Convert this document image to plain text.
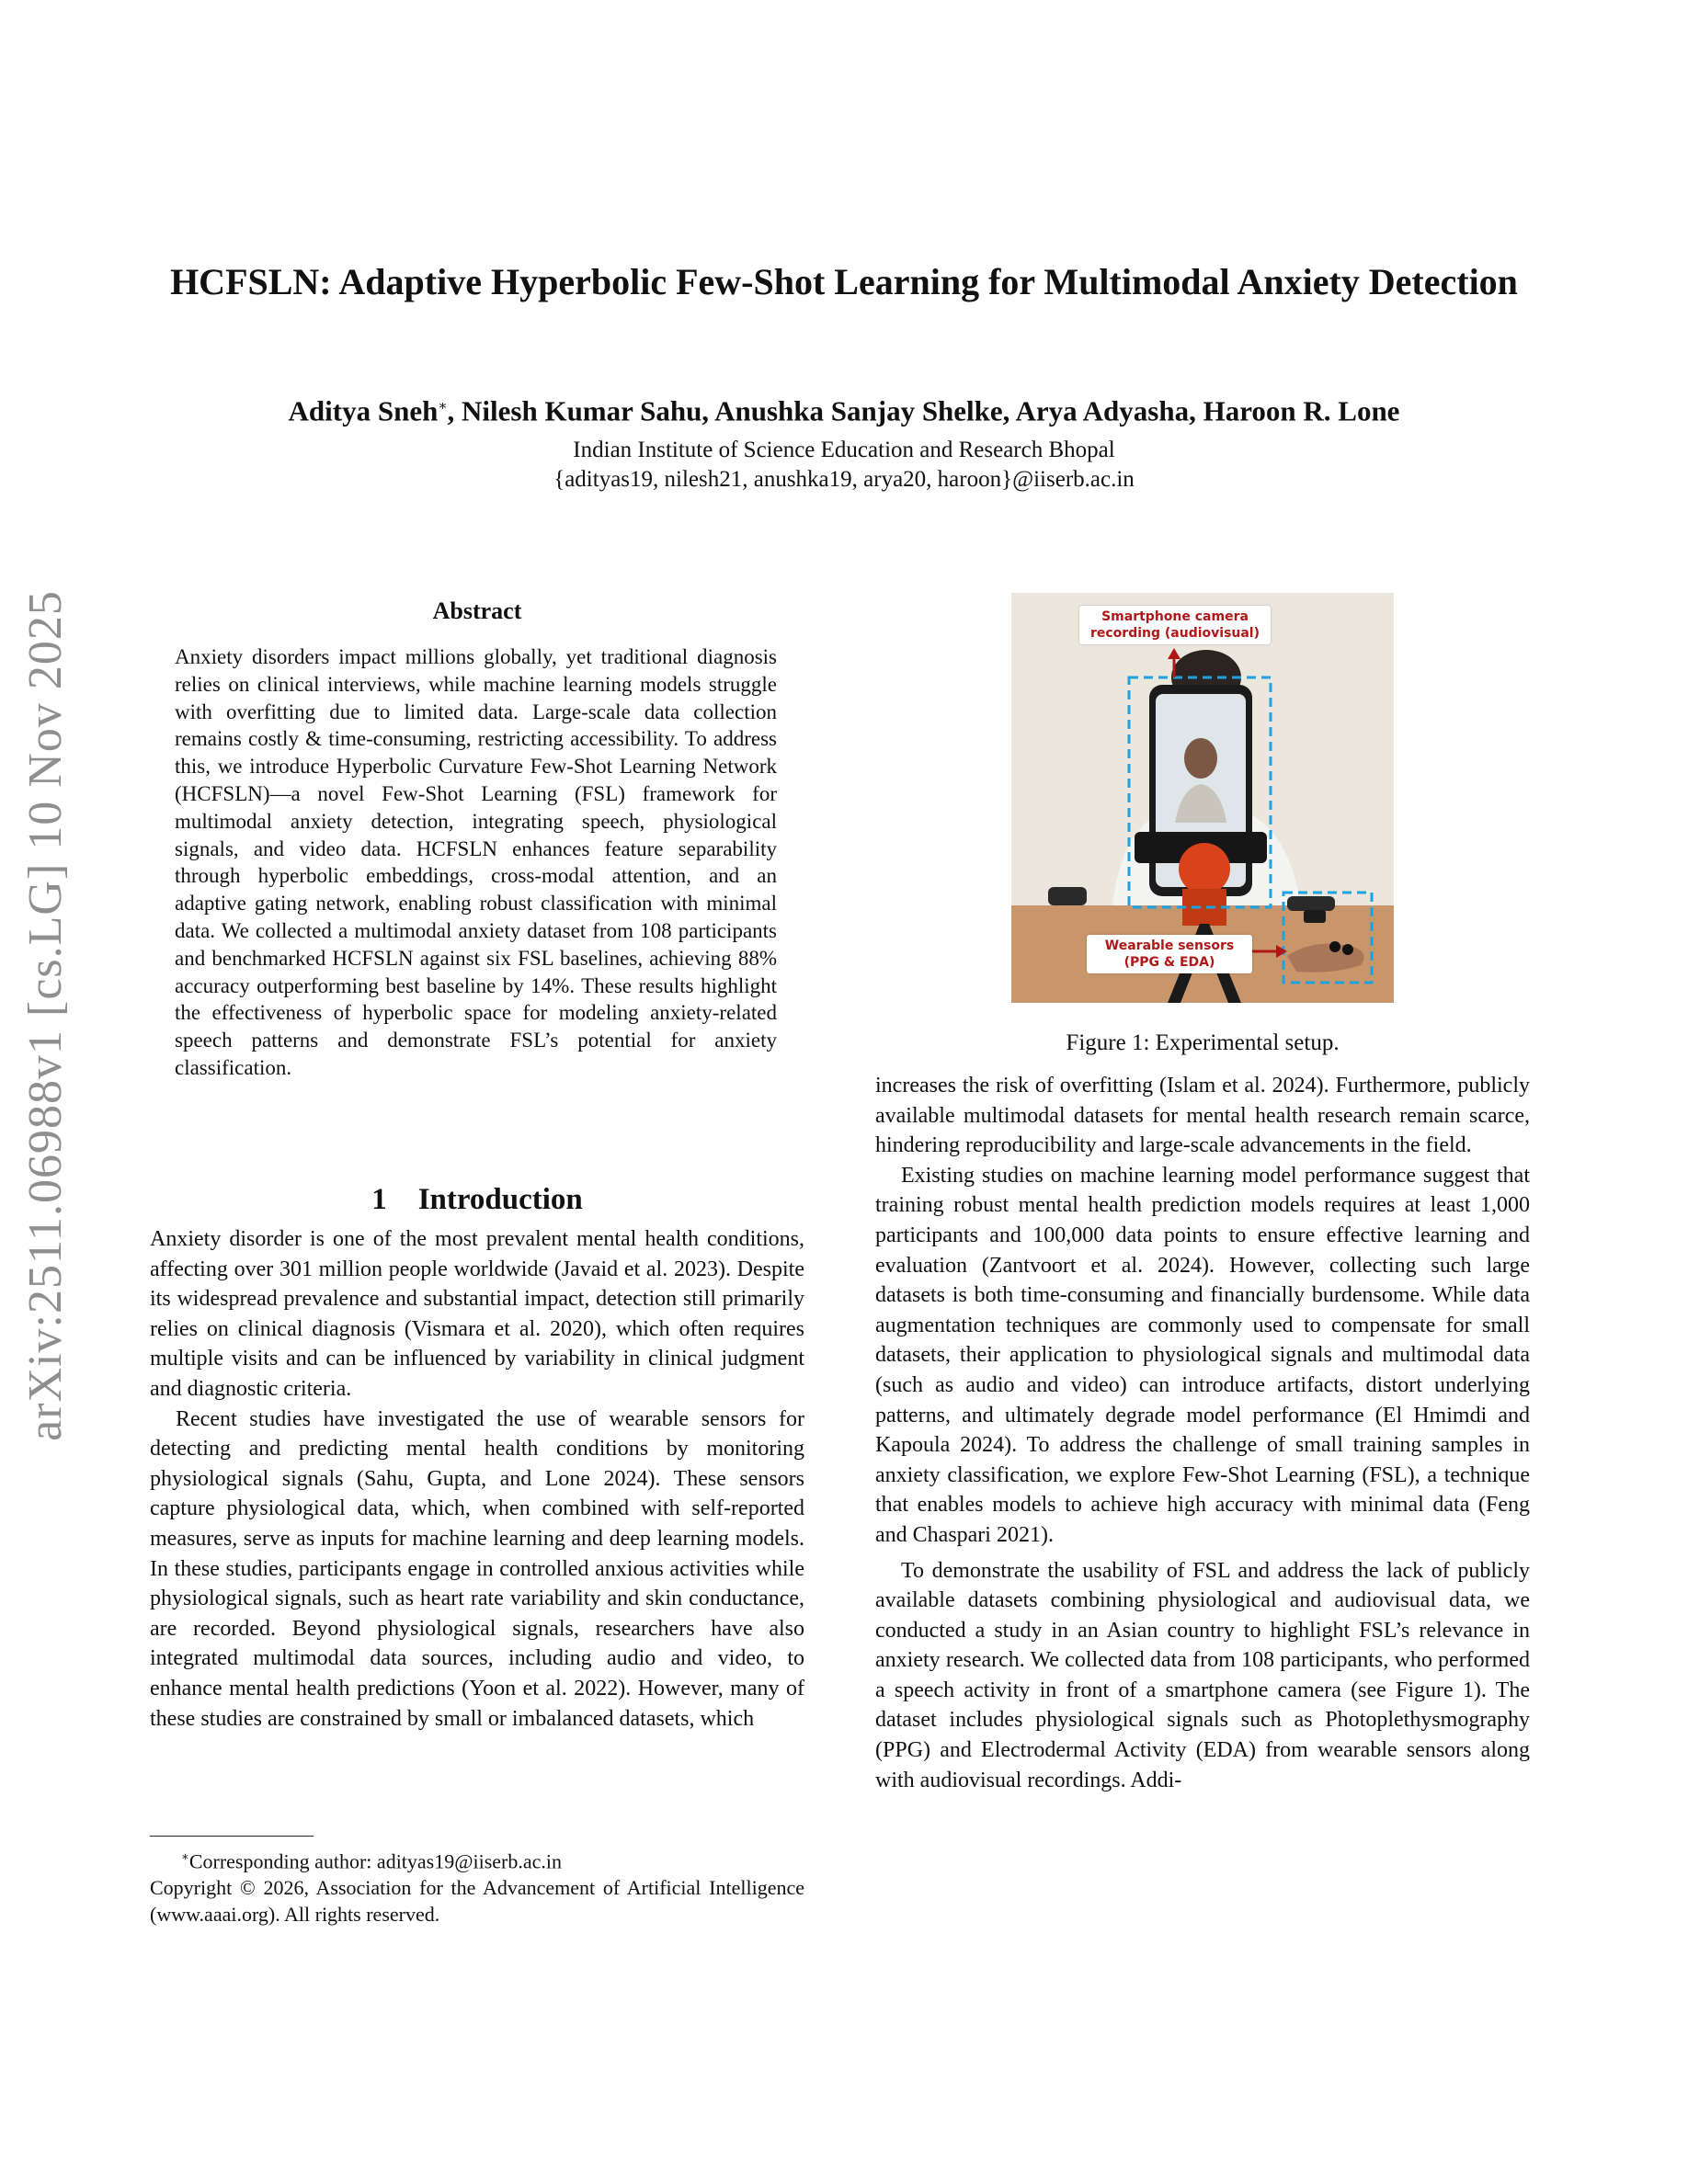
HCFSLN: Adaptive Hyperbolic Few-Shot Learning for Multimodal Anxiety Detection
Aditya Sneh∗, Nilesh Kumar Sahu, Anushka Sanjay Shelke, Arya Adyasha, Haroon R. Lone
Indian Institute of Science Education and Research Bhopal
{adityas19, nilesh21, anushka19, arya20, haroon}@iiserb.ac.in
arXiv:2511.06988v1 [cs.LG] 10 Nov 2025	Abstract
Anxiety disorders impact millions globally, yet traditional diagnosis relies on clinical interviews, while machine learning models struggle with overfitting due to limited data. Large-scale data collection remains costly & time-consuming, restricting accessibility. To address this, we introduce Hyperbolic Curvature Few-Shot Learning Network (HCFSLN)—a novel Few-Shot Learning (FSL) framework for multimodal anxiety detection, integrating speech, physiological signals, and video data. HCFSLN enhances feature separability through hyperbolic embeddings, cross-modal attention, and an adaptive gating network, enabling robust classification with minimal data. We collected a multimodal anxiety dataset from 108 participants and benchmarked HCFSLN against six FSL baselines, achieving 88% accuracy outperforming best baseline by 14%. These results highlight the effectiveness of hyperbolic space for modeling anxiety-related speech patterns and demonstrate FSL’s potential for anxiety classification.
1 Introduction

Anxiety disorder is one of the most prevalent mental health conditions, affecting over 301 million people worldwide (Javaid et al. 2023). Despite its widespread prevalence and substantial impact, detection still primarily relies on clinical diagnosis (Vismara et al. 2020), which often requires multiple visits and can be influenced by variability in clinical judgment and diagnostic criteria.

Recent studies have investigated the use of wearable sensors for detecting and predicting mental health conditions by monitoring physiological signals (Sahu, Gupta, and Lone 2024). These sensors capture physiological data, which, when combined with self-reported measures, serve as inputs for machine learning and deep learning models. In these studies, participants engage in controlled anxious activities while physiological signals, such as heart rate variability and skin conductance, are recorded. Beyond physiological signals, researchers have also integrated multimodal data sources, including audio and video, to enhance mental health predictions (Yoon et al. 2022). However, many of these studies are constrained by small or imbalanced datasets, which

∗Corresponding author: adityas19@iiserb.ac.in
Copyright © 2026, Association for the Advancement of Artificial Intelligence (www.aaai.org). All rights reserved.
Smartphone camera
recording (audiovisual)
Wearable sensors
(PPG & EDA)
Figure 1: Experimental setup.

increases the risk of overfitting (Islam et al. 2024). Furthermore, publicly available multimodal datasets for mental health research remain scarce, hindering reproducibility and large-scale advancements in the field.

Existing studies on machine learning model performance suggest that training robust mental health prediction models requires at least 1,000 participants and 100,000 data points to ensure effective learning and evaluation (Zantvoort et al. 2024). However, collecting such large datasets is both time-consuming and financially burdensome. While data augmentation techniques are commonly used to compensate for small datasets, their application to physiological signals and multimodal data (such as audio and video) can introduce artifacts, distort underlying patterns, and ultimately degrade model performance (El Hmimdi and Kapoula 2024). To address the challenge of small training samples in anxiety classification, we explore Few-Shot Learning (FSL), a technique that enables models to achieve high accuracy with minimal data (Feng and Chaspari 2021).

To demonstrate the usability of FSL and address the lack of publicly available datasets combining physiological and audiovisual data, we conducted a study in an Asian country to highlight FSL’s relevance in anxiety research. We collected data from 108 participants, who performed a speech activity in front of a smartphone camera (see Figure 1). The dataset includes physiological signals such as Photoplethysmography (PPG) and Electrodermal Activity (EDA) from wearable sensors along with audiovisual recordings. Addi-
